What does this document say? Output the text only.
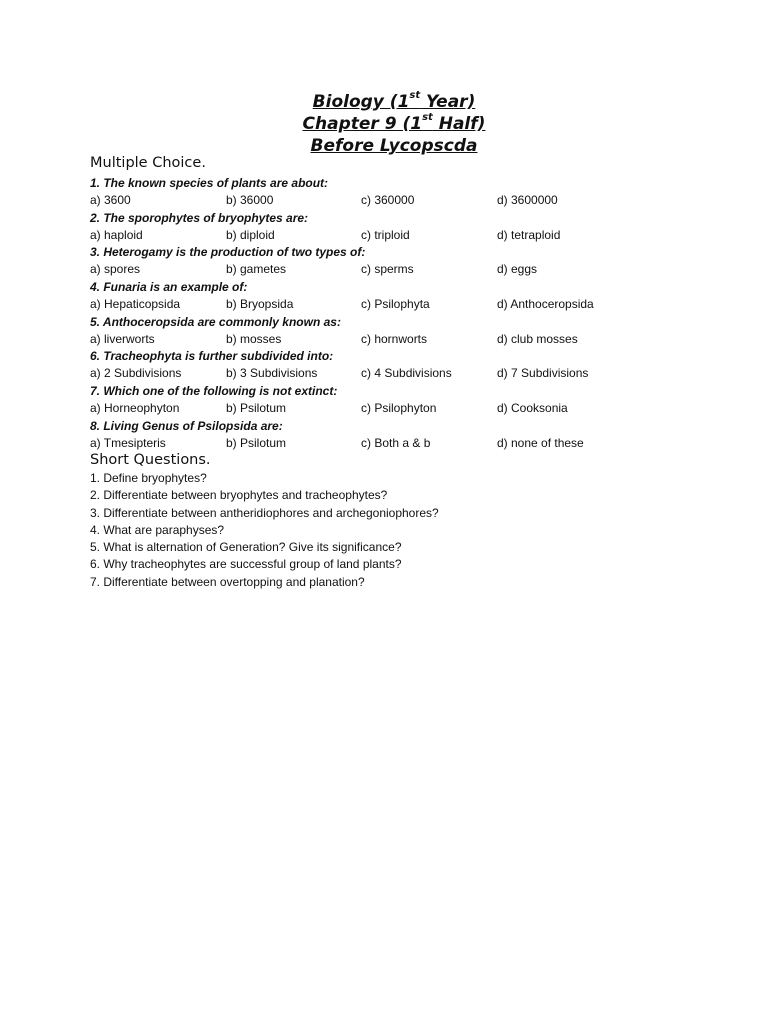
Biology (1st Year)
Chapter 9 (1st Half)
Before Lycopscda
Multiple Choice.
1. The known species of plants are about:
a) 3600	b) 36000	c) 360000	d) 3600000
2. The sporophytes of bryophytes are:
a) haploid	b) diploid	c) triploid	d) tetraploid
3. Heterogamy is the production of two types of:
a) spores	b) gametes	c) sperms	d) eggs
4. Funaria is an example of:
a) Hepaticopsida	b) Bryopsida	c) Psilophyta	d) Anthoceropsida
5. Anthoceropsida are commonly known as:
a) liverworts	b) mosses	c) hornworts	d) club mosses
6. Tracheophyta is further subdivided into:
a) 2 Subdivisions	b) 3 Subdivisions	c) 4 Subdivisions	d) 7 Subdivisions
7. Which one of the following is not extinct:
a) Horneophyton	b) Psilotum	c) Psilophyton	d) Cooksonia
8. Living Genus of Psilopsida are:
a) Tmesipteris	b) Psilotum	c) Both a & b	d) none of these
Short Questions.
1. Define bryophytes?
2. Differentiate between bryophytes and tracheophytes?
3. Differentiate between antheridiophores and archegoniophores?
4. What are paraphyses?
5. What is alternation of Generation? Give its significance?
6. Why tracheophytes are successful group of land plants?
7. Differentiate between overtopping and planation?
